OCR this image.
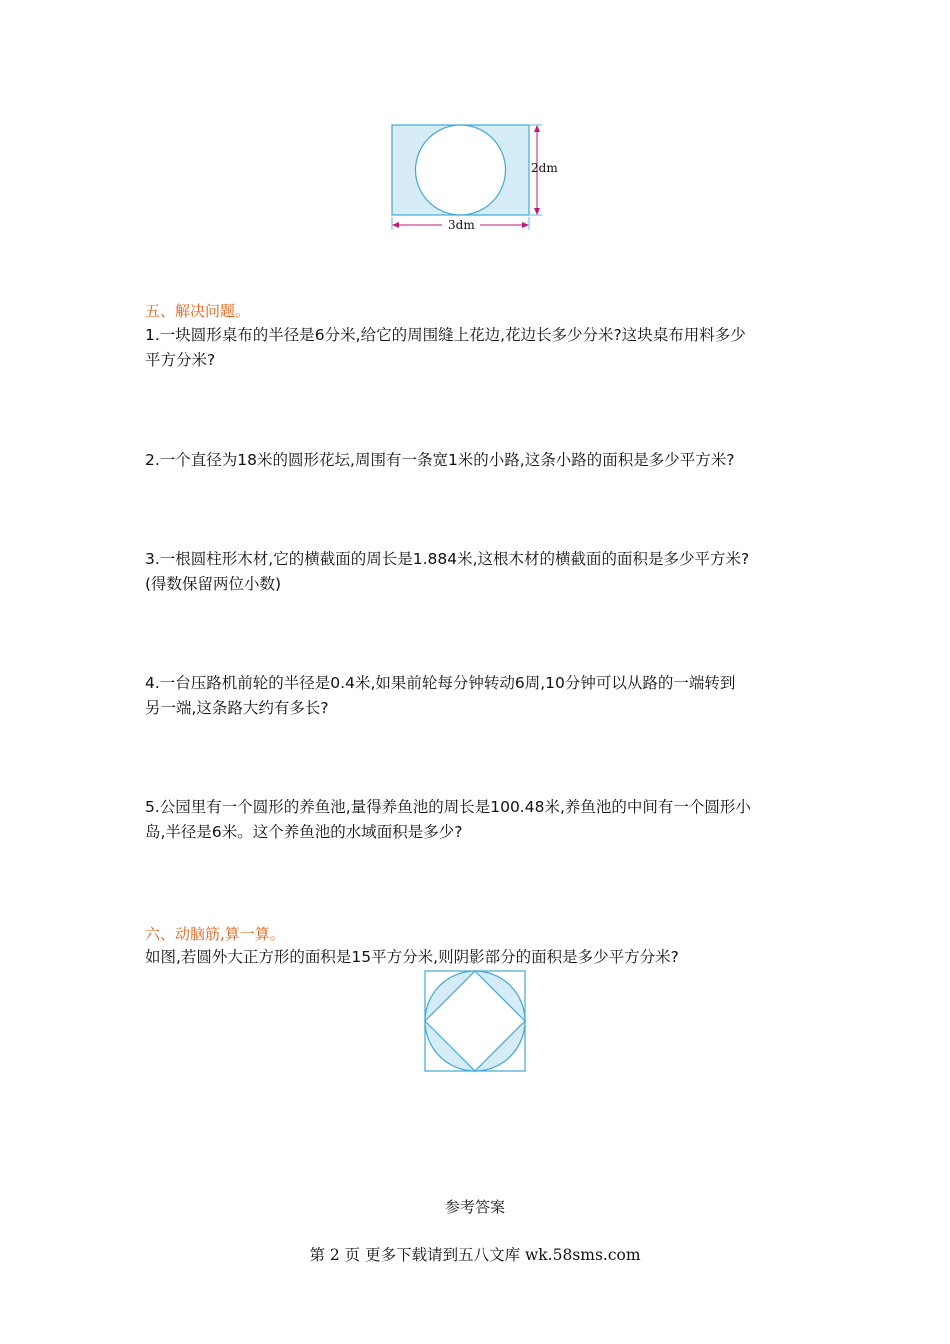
2dm
3dm
五、解决问题。
1.一块圆形桌布的半径是6分米,给它的周围缝上花边,花边长多少分米?这块桌布用料多少
平方分米?
2.一个直径为18米的圆形花坛,周围有一条宽1米的小路,这条小路的面积是多少平方米?
3.一根圆柱形木材,它的横截面的周长是1.884米,这根木材的横截面的面积是多少平方米?
(得数保留两位小数)
4.一台压路机前轮的半径是0.4米,如果前轮每分钟转动6周,10分钟可以从路的一端转到
另一端,这条路大约有多长?
5.公园里有一个圆形的养鱼池,量得养鱼池的周长是100.48米,养鱼池的中间有一个圆形小
岛,半径是6米。这个养鱼池的水域面积是多少?
六、动脑筋,算一算。
如图,若圆外大正方形的面积是15平方分米,则阴影部分的面积是多少平方分米?
参考答案
第 2 页 更多下载请到五八文库 wk.58sms.com
